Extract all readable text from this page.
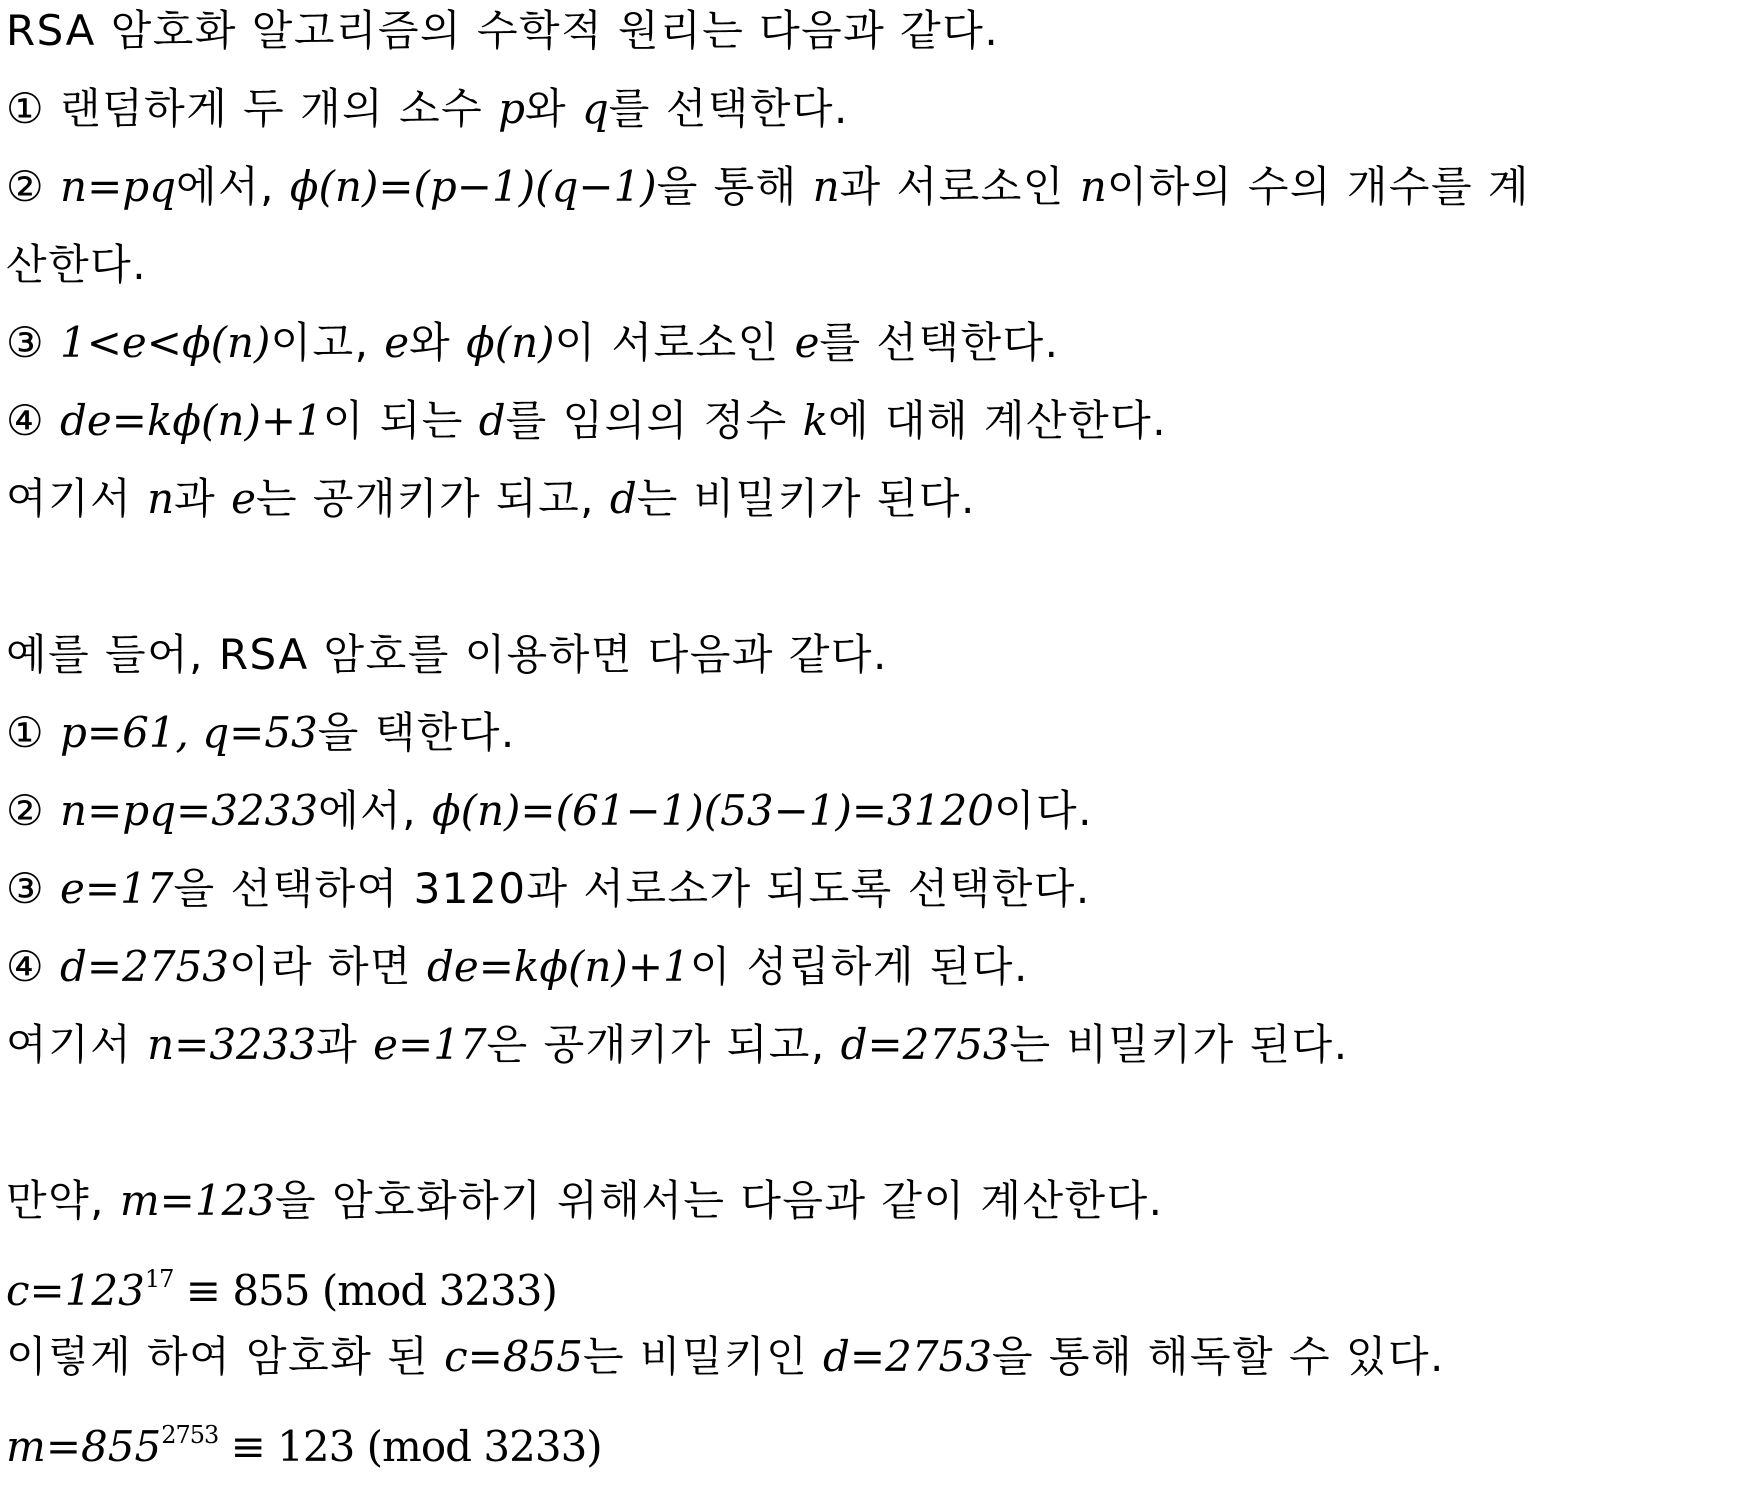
RSA 암호화 알고리즘의 수학적 원리는 다음과 같다.
① 랜덤하게 두 개의 소수 p와 q를 선택한다.
② n=pq에서, ϕ(n)=(p−1)(q−1)을 통해 n과 서로소인 n이하의 수의 개수를 계
산한다.
③ 1<e<ϕ(n)이고, e와 ϕ(n)이 서로소인 e를 선택한다.
④ de=kϕ(n)+1이 되는 d를 임의의 정수 k에 대해 계산한다.
여기서 n과 e는 공개키가 되고, d는 비밀키가 된다.
예를 들어, RSA 암호를 이용하면 다음과 같다.
① p=61, q=53을 택한다.
② n=pq=3233에서, ϕ(n)=(61−1)(53−1)=3120이다.
③ e=17을 선택하여 3120과 서로소가 되도록 선택한다.
④ d=2753이라 하면 de=kϕ(n)+1이 성립하게 된다.
여기서 n=3233과 e=17은 공개키가 되고, d=2753는 비밀키가 된다.
만약, m=123을 암호화하기 위해서는 다음과 같이 계산한다.
$c=123^{17} \equiv 855$ (mod 3233)
이렇게 하여 암호화 된 c=855는 비밀키인 d=2753을 통해 해독할 수 있다.
$m=855^{2753} \equiv 123$ (mod 3233)
